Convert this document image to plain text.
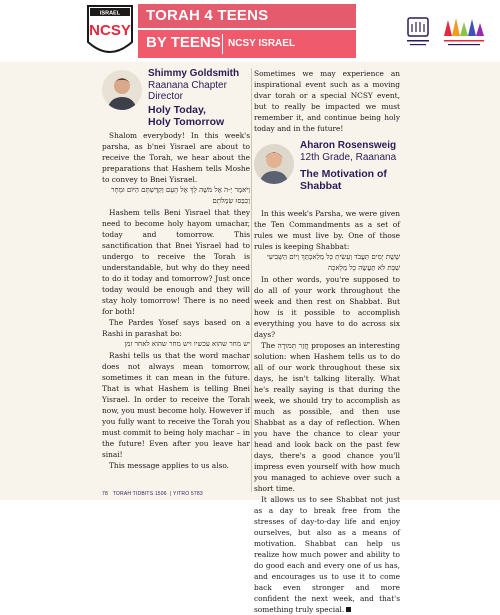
ISRAEL
NCSY
TORAH 4 TEENS
BY TEENS NCSY ISRAEL
Shimmy Goldsmith
Raanana Chapter
Director
Holy Today,
Holy Tomorrow

Shalom everybody! In this week's parsha, as b'nei Yisrael are about to receive the Torah, we hear about the preparations that Hashem tells Moshe to convey to Bnei Yisrael.

וַיֹּאמֶר יְ-הֹ אֶל מֹשֶׁה לֵךְ אֶל הָעָם וְקִדַּשְׁתָּם הַיּוֹם וּמָחָר וְכִבְּסוּ שִׂמְלֹתָם

Hashem tells Beni Yisrael that they need to become holy hayom umachar, today and tomorrow. This sanctification that Bnei Yisrael had to undergo to receive the Torah is understandable, but why do they need to do it today and tomorrow? Just once today would be enough and they will stay holy tomorrow! There is no need for both!

The Pardes Yosef says based on a Rashi in parashat bo:

יש מחר שהוא עכשיו ויש מחר שהוא לאחר זמן

Rashi tells us that the word machar does not always mean tomorrow, sometimes it can mean in the future. That is what Hashem is telling Bnei Yisrael. In order to receive the Torah now, you must become holy. However if you fully want to receive the Torah you must commit to being holy machar – in the future! Even after you leave har sinai!

This message applies to us also.

Sometimes we may experience an inspirational event such as a moving dvar torah or a special NCSY event, but to really be impacted we must remember it, and continue being holy today and in the future!

Aharon Rosensweig
12th Grade, Raanana
The Motivation of
Shabbat

In this week's Parsha, we were given the Ten Commandments as a set of rules we must live by. One of those rules is keeping Shabbat:

שֵׁשֶׁת יָמִים תַּעֲבֹד וְעָשִׂיתָ כָּל מְלַאכְתֶּךָ וְיוֹם הַשְּׁבִיעִי שַׁבָּת לֹא תַעֲשֶׂה כָל מְלָאכָה

In other words, you're supposed to do all of your work throughout the week and then rest on Shabbat. But how is it possible to accomplish everything you have to do across six days?

The חֲזַר תְּמוּרָה proposes an interesting solution: when Hashem tells us to do all of our work throughout these six days, he isn't talking literally. What he's really saying is that during the week, we should try to accomplish as much as possible, and then use Shabbat as a day of reflection. When you have the chance to clear your head and look back on the past few days, there's a good chance you'll impress even yourself with how much you managed to achieve over such a short time.

It allows us to see Shabbat not just as a day to break free from the stresses of day-to-day life and enjoy ourselves, but also as a means of motivation. Shabbat can help us realize how much power and ability to do good each and every one of us has, and encourages us to use it to come back even stronger and more confident the next week, and that's something truly special.

78 TORAH TIDBITS 1506  | YITRO 5783
